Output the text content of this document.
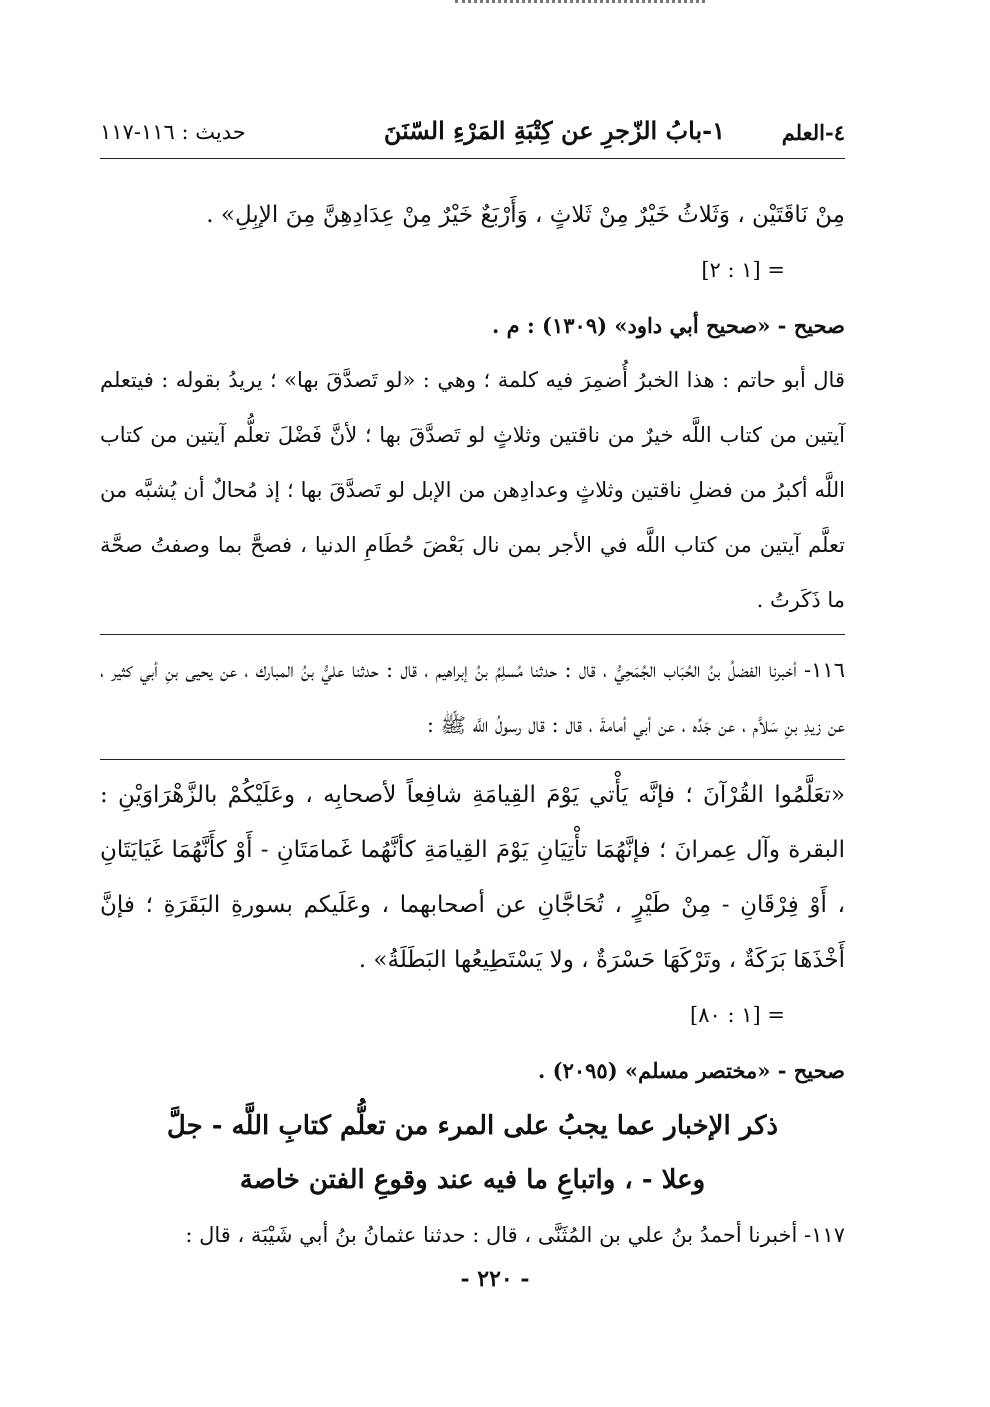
٤-العلم
١-بابُ الزّجرِ عن كِتْبَةِ المَرْءِ السّنَنَ
حديث : ١١٦-١١٧

مِنْ نَاقَتَيْن ، وَثَلاثُ خَيْرٌ مِنْ ثَلاثٍ ، وَأَرْبَعٌ خَيْرٌ مِنْ عِدَادِهِنَّ مِنَ الإبِلِ» .

= [١ : ٢]

صحيح - «صحيح أبي داود» (١٣٠٩) : م .

قال أبو حاتم : هذا الخبرُ أُضمِرَ فيه كلمة ؛ وهي : «لو تَصدَّقَ بها» ؛ يريدُ بقوله : فيتعلم آيتين من كتاب اللَّه خيرٌ من ناقتين وثلاثٍ لو تَصدَّقَ بها ؛ لأنَّ فَضْلَ تعلُّم آيتين من كتاب اللَّه أكبرُ من فضلِ ناقتين وثلاثٍ وعدادِهن من الإبل لو تَصدَّقَ بها ؛ إذ مُحالٌ أن يُشبَّه من تعلَّم آيتين من كتاب اللَّه في الأجر بمن نال بَعْضَ حُطَامِ الدنيا ، فصحَّ بما وصفتُ صحَّة ما ذَكَرتُ .

١١٦- أخبرنا الفضلُ بنُ الحُبَاب الجُمَحِيُّ ، قال : حدثنا مُسلِمُ بنُ إبراهيم ، قال : حدثنا عليُّ بنُ المبارك ، عن يحيى بنِ أبي كثير ، عن زيدِ بنِ سَلاَّم ، عن جَدِّه ، عن أبي أمامةَ ، قال : قال رسولُ اللَّه ﷺ :

«تعَلَّمُوا القُرْآنَ ؛ فإنَّه يَأْتي يَوْمَ القِيامَةِ شافِعاً لأصحابِه ، وعَلَيْكُمْ بالزَّهْرَاوَيْنِ : البقرة وآل عِمرانَ ؛ فإنَّهُمَا تأْتِيَانِ يَوْمَ القِيامَةِ كأنَّهُما غَمامَتَانِ - أَوْ كأَنَّهُمَا غَيَايَتَانِ ، أَوْ فِرْقَانِ - مِنْ طَيْرٍ ، تُحَاجَّانِ عن أصحابهما ، وعَلَيكم بسورةِ البَقَرَةِ ؛ فإنَّ أَخْذَهَا بَرَكَةٌ ، وتَرْكَهَا حَسْرَةٌ ، ولا يَسْتَطِيعُها البَطَلَةُ» .

= [١ : ٨٠]

صحيح - «مختصر مسلم» (٢٠٩٥) .

ذكر الإخبار عما يجبُ على المرء من تعلُّم كتابِ اللَّه - جلَّ
وعلا - ، واتباعِ ما فيه عند وقوعِ الفتن خاصة

١١٧- أخبرنا أحمدُ بنُ علي بن المُثَنَّى ، قال : حدثنا عثمانُ بنُ أبي شَيْبَة ، قال :

- ٢٢٠ -
